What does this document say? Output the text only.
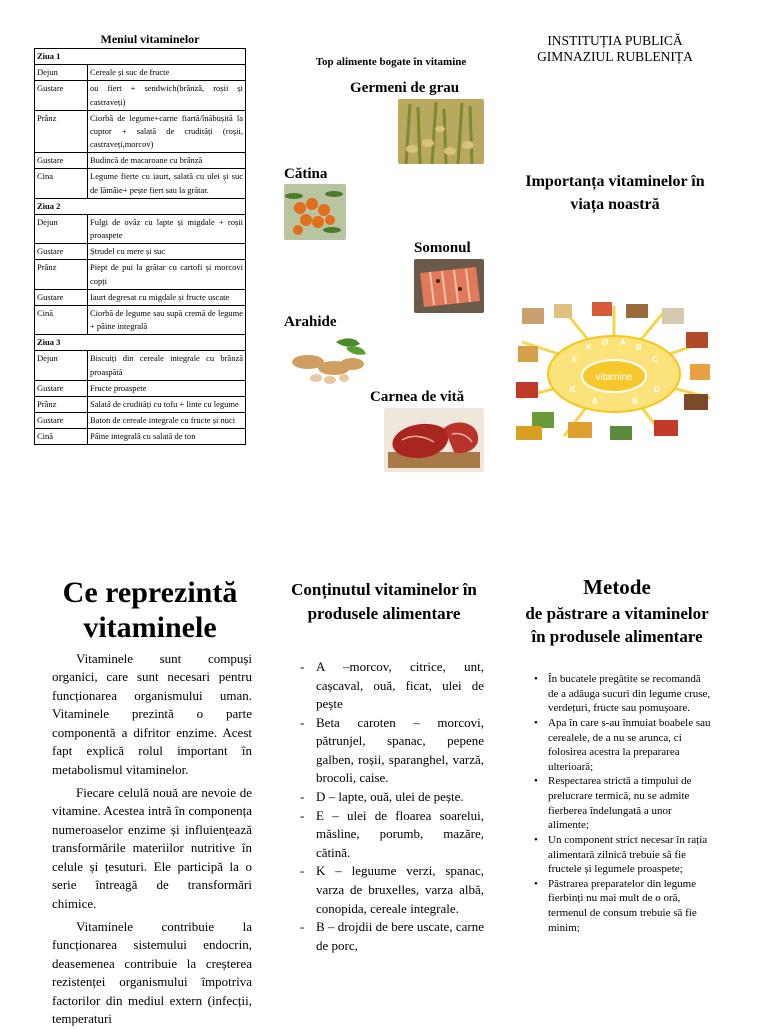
Meniul vitaminelor
Ziua 1	
Dejun	Cereale și suc de fructe
Gustare	ou fiert + sendwich(brânză, roșii și castraveți)
Prânz	Ciorbă de legume+carne fiartă/înăbușită la cuptor + salată de crudități (roșii, castraveți,morcov)
Gustare	Budincă de macaroane cu brânză
Cina	Legume fierte cu iaurt, salată cu ulei și suc de lămâie+ pește fiert sau la grătar.
Ziua 2	
Dejun	Fulgi de ovăz cu lapte și migdale + roșii proaspete
Gustare	Ștrudel cu mere și suc
Prânz	Piept de pui la grătar cu cartofi și morcovi copți
Gustare	Iaurt degresat cu migdale și fructe uscate
Cină	Ciorbă de legume sau supă cremă de legume + pâine integrală
Ziua 3	
Dejun	Biscuiți din cereale integrale cu brânză proaspătă
Gustare	Fructe proaspete
Prânz	Salată de crudități cu tofu + linte cu legume
Gustare	Baton de cereale integrale cu fructe și nuci
Cină	Pâine integrală cu salată de ton
Top alimente bogate în vitamine
Germeni de grau
Cătina
Somonul
Arahide
Carnea de vită
INSTITUȚIA PUBLICĂ
GIMNAZIUL RUBLENIȚA
Importanța vitaminelor în viața noastră
E
K
O A
B
C
D
B
A
K
vitamine
Ce reprezintă vitaminele

Vitaminele sunt compuși organici, care sunt necesari pentru funcționarea organismului uman. Vitaminele prezintă o parte componentă a difritor enzime. Acest fapt explică rolul important în metabolismul vitaminelor.

Fiecare celulă nouă are nevoie de vitamine. Acestea intră în componența numeroaselor enzime și influiențează transformările materiilor nutritive în celule și țesuturi. Ele participă la o serie întreagă de transformări chimice.

Vitaminele contribuie la funcționarea sistemului endocrin, deasemenea contribuie la creșterea rezistenței organismului împotriva factorilor din mediul extern (infecții, temperaturi

Conținutul vitaminelor în produsele alimentare
- A –morcov, citrice, unt, cașcaval, ouă, ficat, ulei de pește
- Beta caroten – morcovi, pătrunjel, spanac, pepene galben, roșii, sparanghel, varză, brocoli, caise.
- D – lapte, ouă, ulei de pește.
- E – ulei de floarea soarelui, măsline, porumb, mazăre, cătină.
- K – leguume verzi, spanac, varza de bruxelles, varza albă, conopida, cereale integrale.
- B – drojdii de bere uscate, carne de porc,
Metode
de păstrare a vitaminelor în produsele alimentare
• În bucatele pregătite se recomandă de a adăuga sucuri din legume cruse, verdețuri, fructe sau pomușoare.
• Apa în care s-au înmuiat boabele sau cerealele, de a nu se arunca, ci folosirea acestra la prepararea ulterioară;
• Respectarea strictă a timpului de prelucrare termică, nu se admite fierberea îndelungată a unor alimente;
• Un component strict necesar în rația alimentară zilnică trebuie să fie fructele și legumele proaspete;
• Păstrarea preparatelor din legume fierbinți nu mai mult de o oră, termenul de consum trebuie să fie minim;
